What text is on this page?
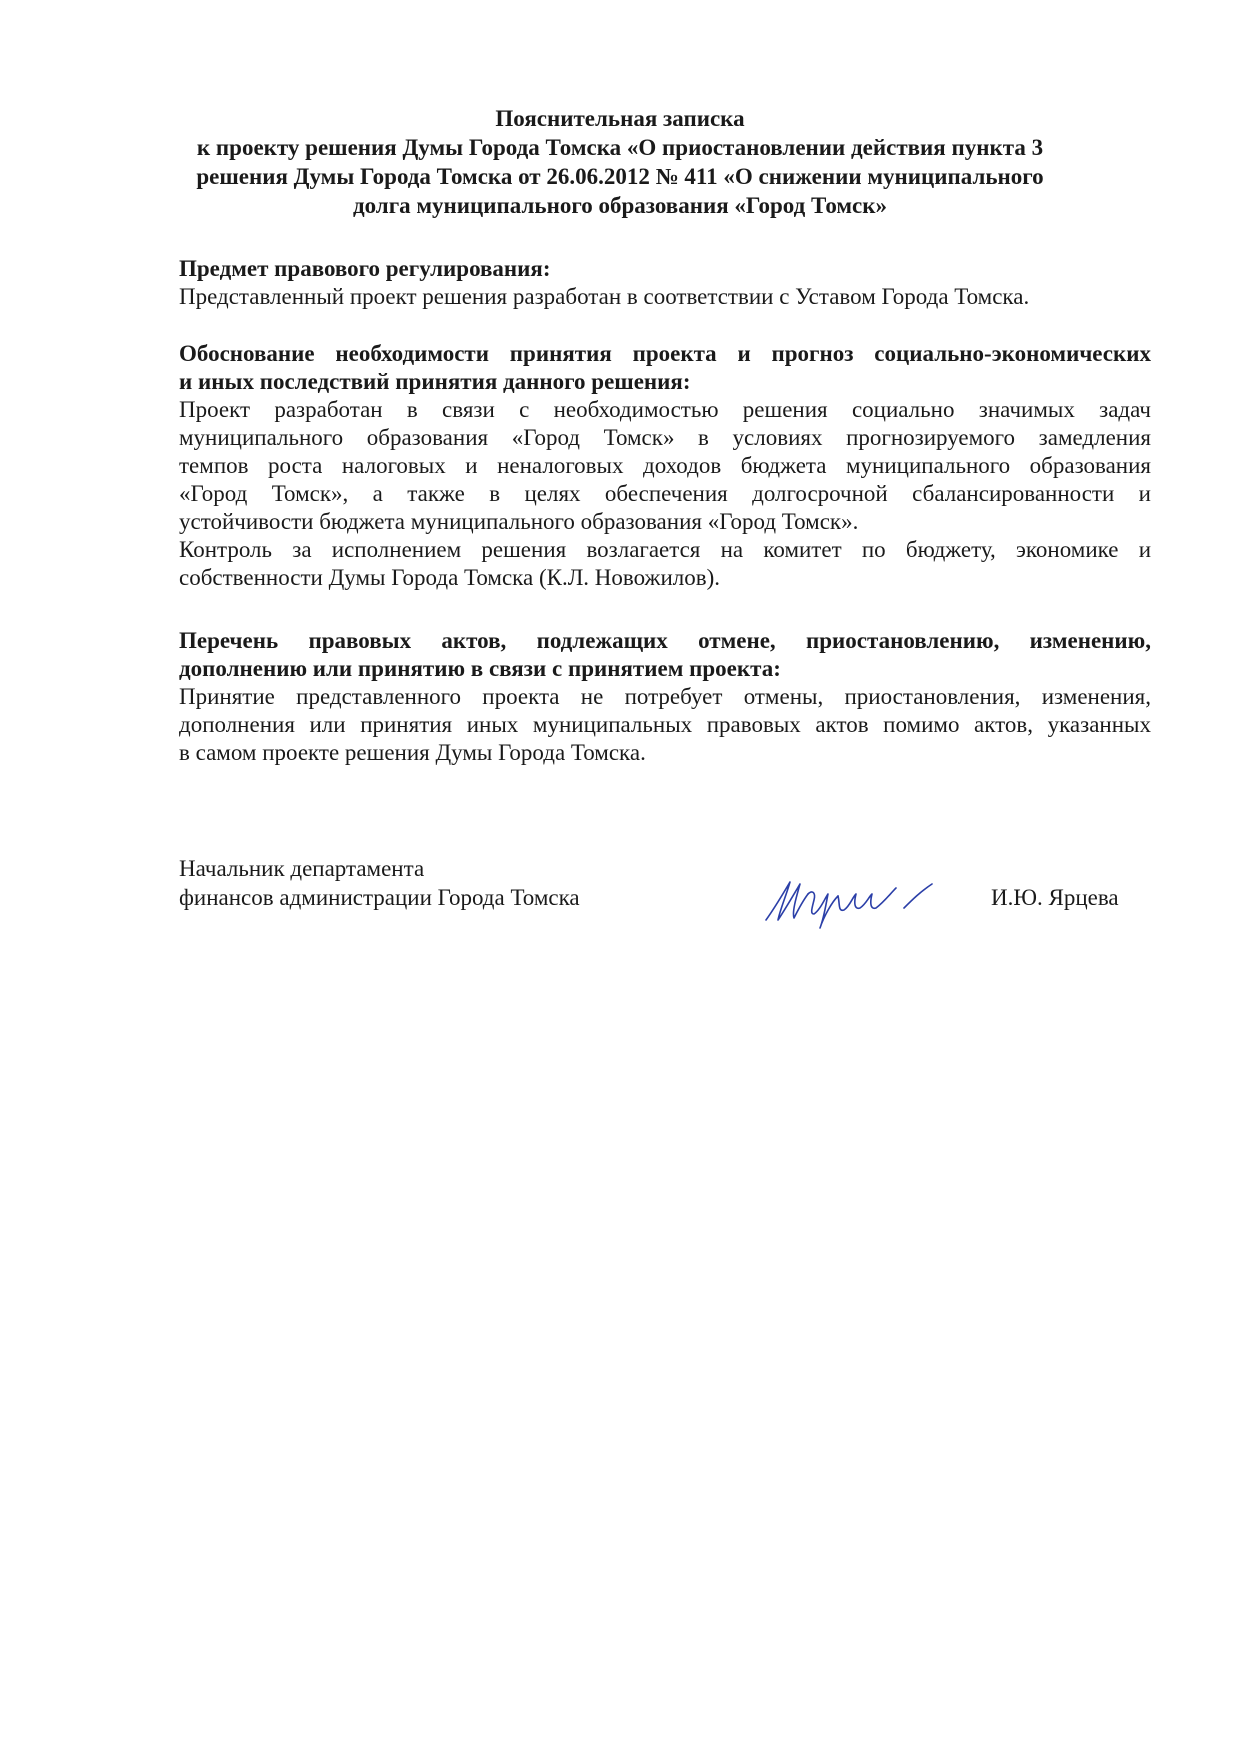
Пояснительная записка
к проекту решения Думы Города Томска «О приостановлении действия пункта 3
решения Думы Города Томска от 26.06.2012 № 411 «О снижении муниципального
долга муниципального образования «Город Томск»
Предмет правового регулирования:
Представленный проект решения разработан в соответствии с Уставом Города Томска.
Обоснование необходимости принятия проекта и прогноз социально-экономических
и иных последствий принятия данного решения:
Проект разработан в связи с необходимостью решения социально значимых задач
муниципального образования «Город Томск» в условиях прогнозируемого замедления
темпов роста налоговых и неналоговых доходов бюджета муниципального образования
«Город Томск», а также в целях обеспечения долгосрочной сбалансированности и
устойчивости бюджета муниципального образования «Город Томск».
Контроль за исполнением решения возлагается на комитет по бюджету, экономике и
собственности Думы Города Томска (К.Л. Новожилов).
Перечень правовых актов, подлежащих отмене, приостановлению, изменению,
дополнению или принятию в связи с принятием проекта:
Принятие представленного проекта не потребует отмены, приостановления, изменения,
дополнения или принятия иных муниципальных правовых актов помимо актов, указанных
в самом проекте решения Думы Города Томска.
Начальник департамента
финансов администрации Города Томска	И.Ю. Ярцева
